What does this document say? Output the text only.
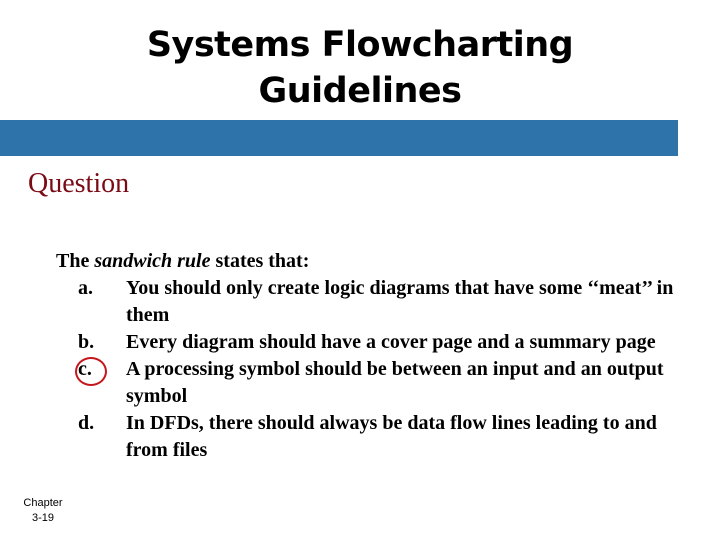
Systems Flowcharting
Guidelines
Question
The sandwich rule states that:
a.	You should only create logic diagrams that have some ‘‘meat’’ in them
b.	Every diagram should have a cover page and a summary page
c.	A processing symbol should be between an input and an output symbol
d.	In DFDs, there should always be data flow lines leading to and from files
Chapter
3-19
